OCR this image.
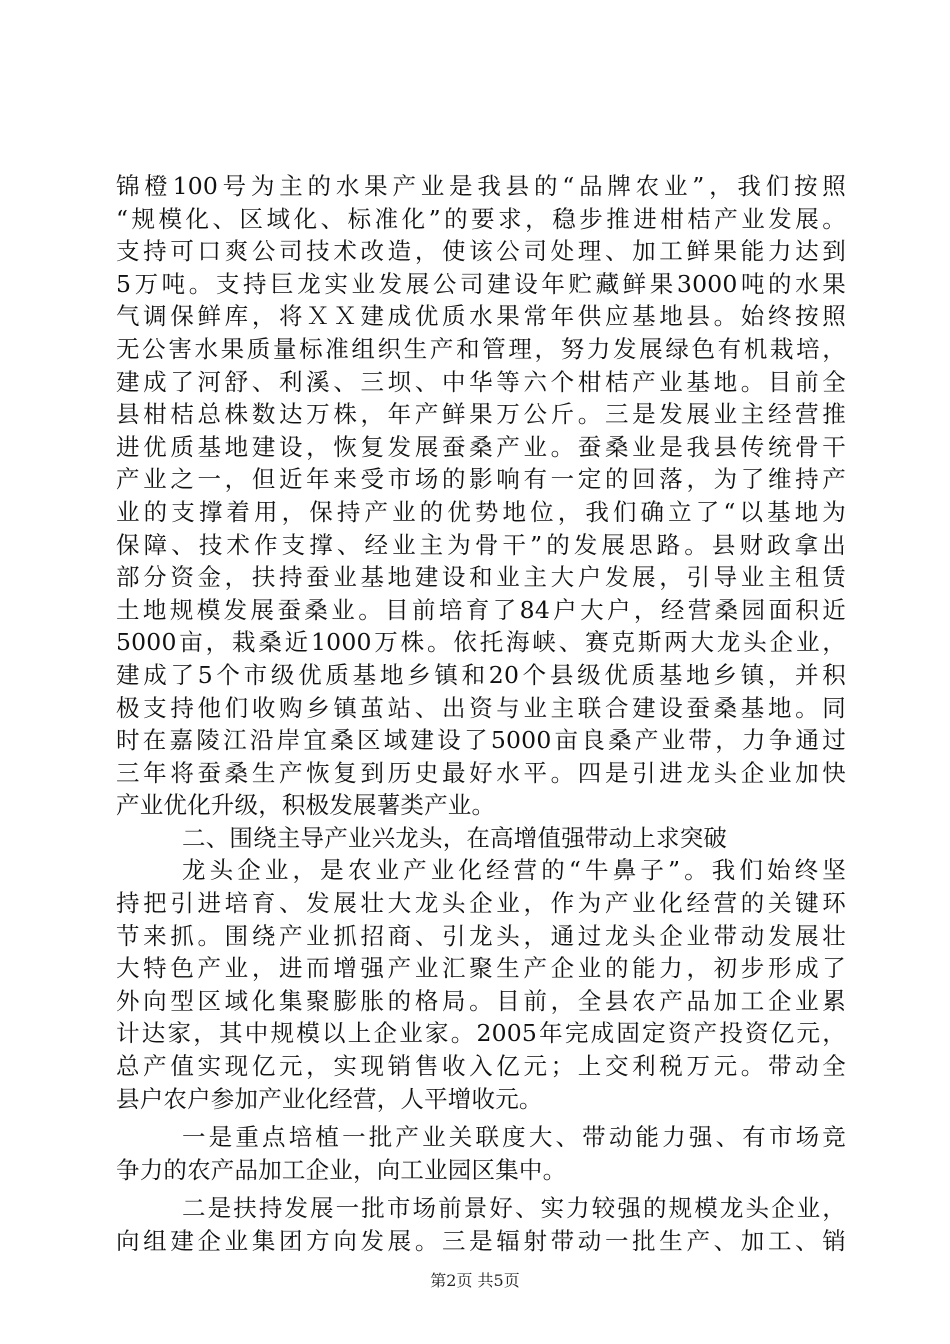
锦橙100号为主的水果产业是我县的“品牌农业”，我们按照
“规模化、区域化、标准化”的要求，稳步推进柑桔产业发展。
支持可口爽公司技术改造，使该公司处理、加工鲜果能力达到
5万吨。支持巨龙实业发展公司建设年贮藏鲜果3000吨的水果
气调保鲜库，将ＸＸ建成优质水果常年供应基地县。始终按照
无公害水果质量标准组织生产和管理，努力发展绿色有机栽培，
建成了河舒、利溪、三坝、中华等六个柑桔产业基地。目前全
县柑桔总株数达万株，年产鲜果万公斤。三是发展业主经营推
进优质基地建设，恢复发展蚕桑产业。蚕桑业是我县传统骨干
产业之一，但近年来受市场的影响有一定的回落，为了维持产
业的支撑着用，保持产业的优势地位，我们确立了“以基地为
保障、技术作支撑、经业主为骨干”的发展思路。县财政拿出
部分资金，扶持蚕业基地建设和业主大户发展，引导业主租赁
土地规模发展蚕桑业。目前培育了84户大户，经营桑园面积近
5000亩，栽桑近1000万株。依托海峡、赛克斯两大龙头企业，
建成了5个市级优质基地乡镇和20个县级优质基地乡镇，并积
极支持他们收购乡镇茧站、出资与业主联合建设蚕桑基地。同
时在嘉陵江沿岸宜桑区域建设了5000亩良桑产业带，力争通过
三年将蚕桑生产恢复到历史最好水平。四是引进龙头企业加快
产业优化升级，积极发展薯类产业。
二、围绕主导产业兴龙头，在高增值强带动上求突破
龙头企业，是农业产业化经营的“牛鼻子”。我们始终坚
持把引进培育、发展壮大龙头企业，作为产业化经营的关键环
节来抓。围绕产业抓招商、引龙头，通过龙头企业带动发展壮
大特色产业，进而增强产业汇聚生产企业的能力，初步形成了
外向型区域化集聚膨胀的格局。目前，全县农产品加工企业累
计达家，其中规模以上企业家。2005年完成固定资产投资亿元，
总产值实现亿元，实现销售收入亿元；上交利税万元。带动全
县户农户参加产业化经营，人平增收元。
一是重点培植一批产业关联度大、带动能力强、有市场竞
争力的农产品加工企业，向工业园区集中。
二是扶持发展一批市场前景好、实力较强的规模龙头企业，
向组建企业集团方向发展。三是辐射带动一批生产、加工、销
第2页 共5页
